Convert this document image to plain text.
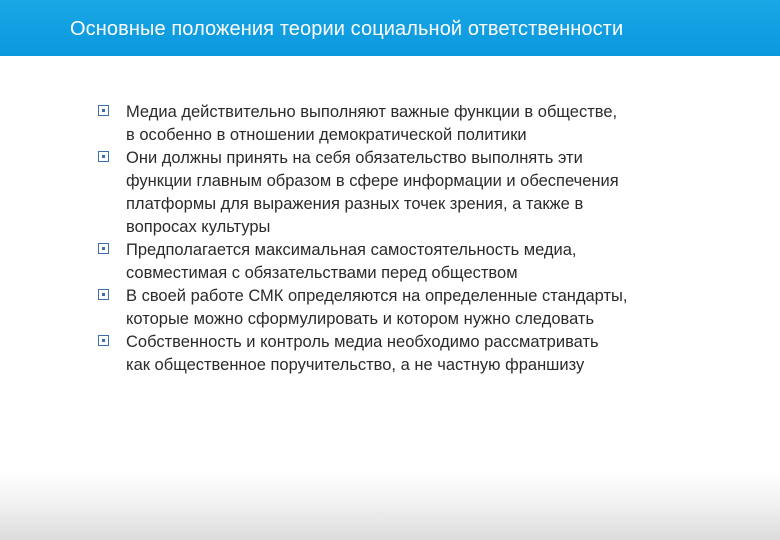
Основные положения теории социальной ответственности
Медиа действительно выполняют важные функции в обществе,
в особенно в отношении демократической политики
Они должны принять на себя обязательство выполнять эти
функции главным образом в сфере информации и обеспечения
платформы для выражения разных точек зрения, а также в
вопросах культуры
Предполагается максимальная самостоятельность медиа,
совместимая с обязательствами перед обществом
В своей работе СМК определяются на определенные стандарты,
которые можно сформулировать и котором нужно следовать
Собственность и контроль медиа необходимо рассматривать
как общественное поручительство, а не частную франшизу
